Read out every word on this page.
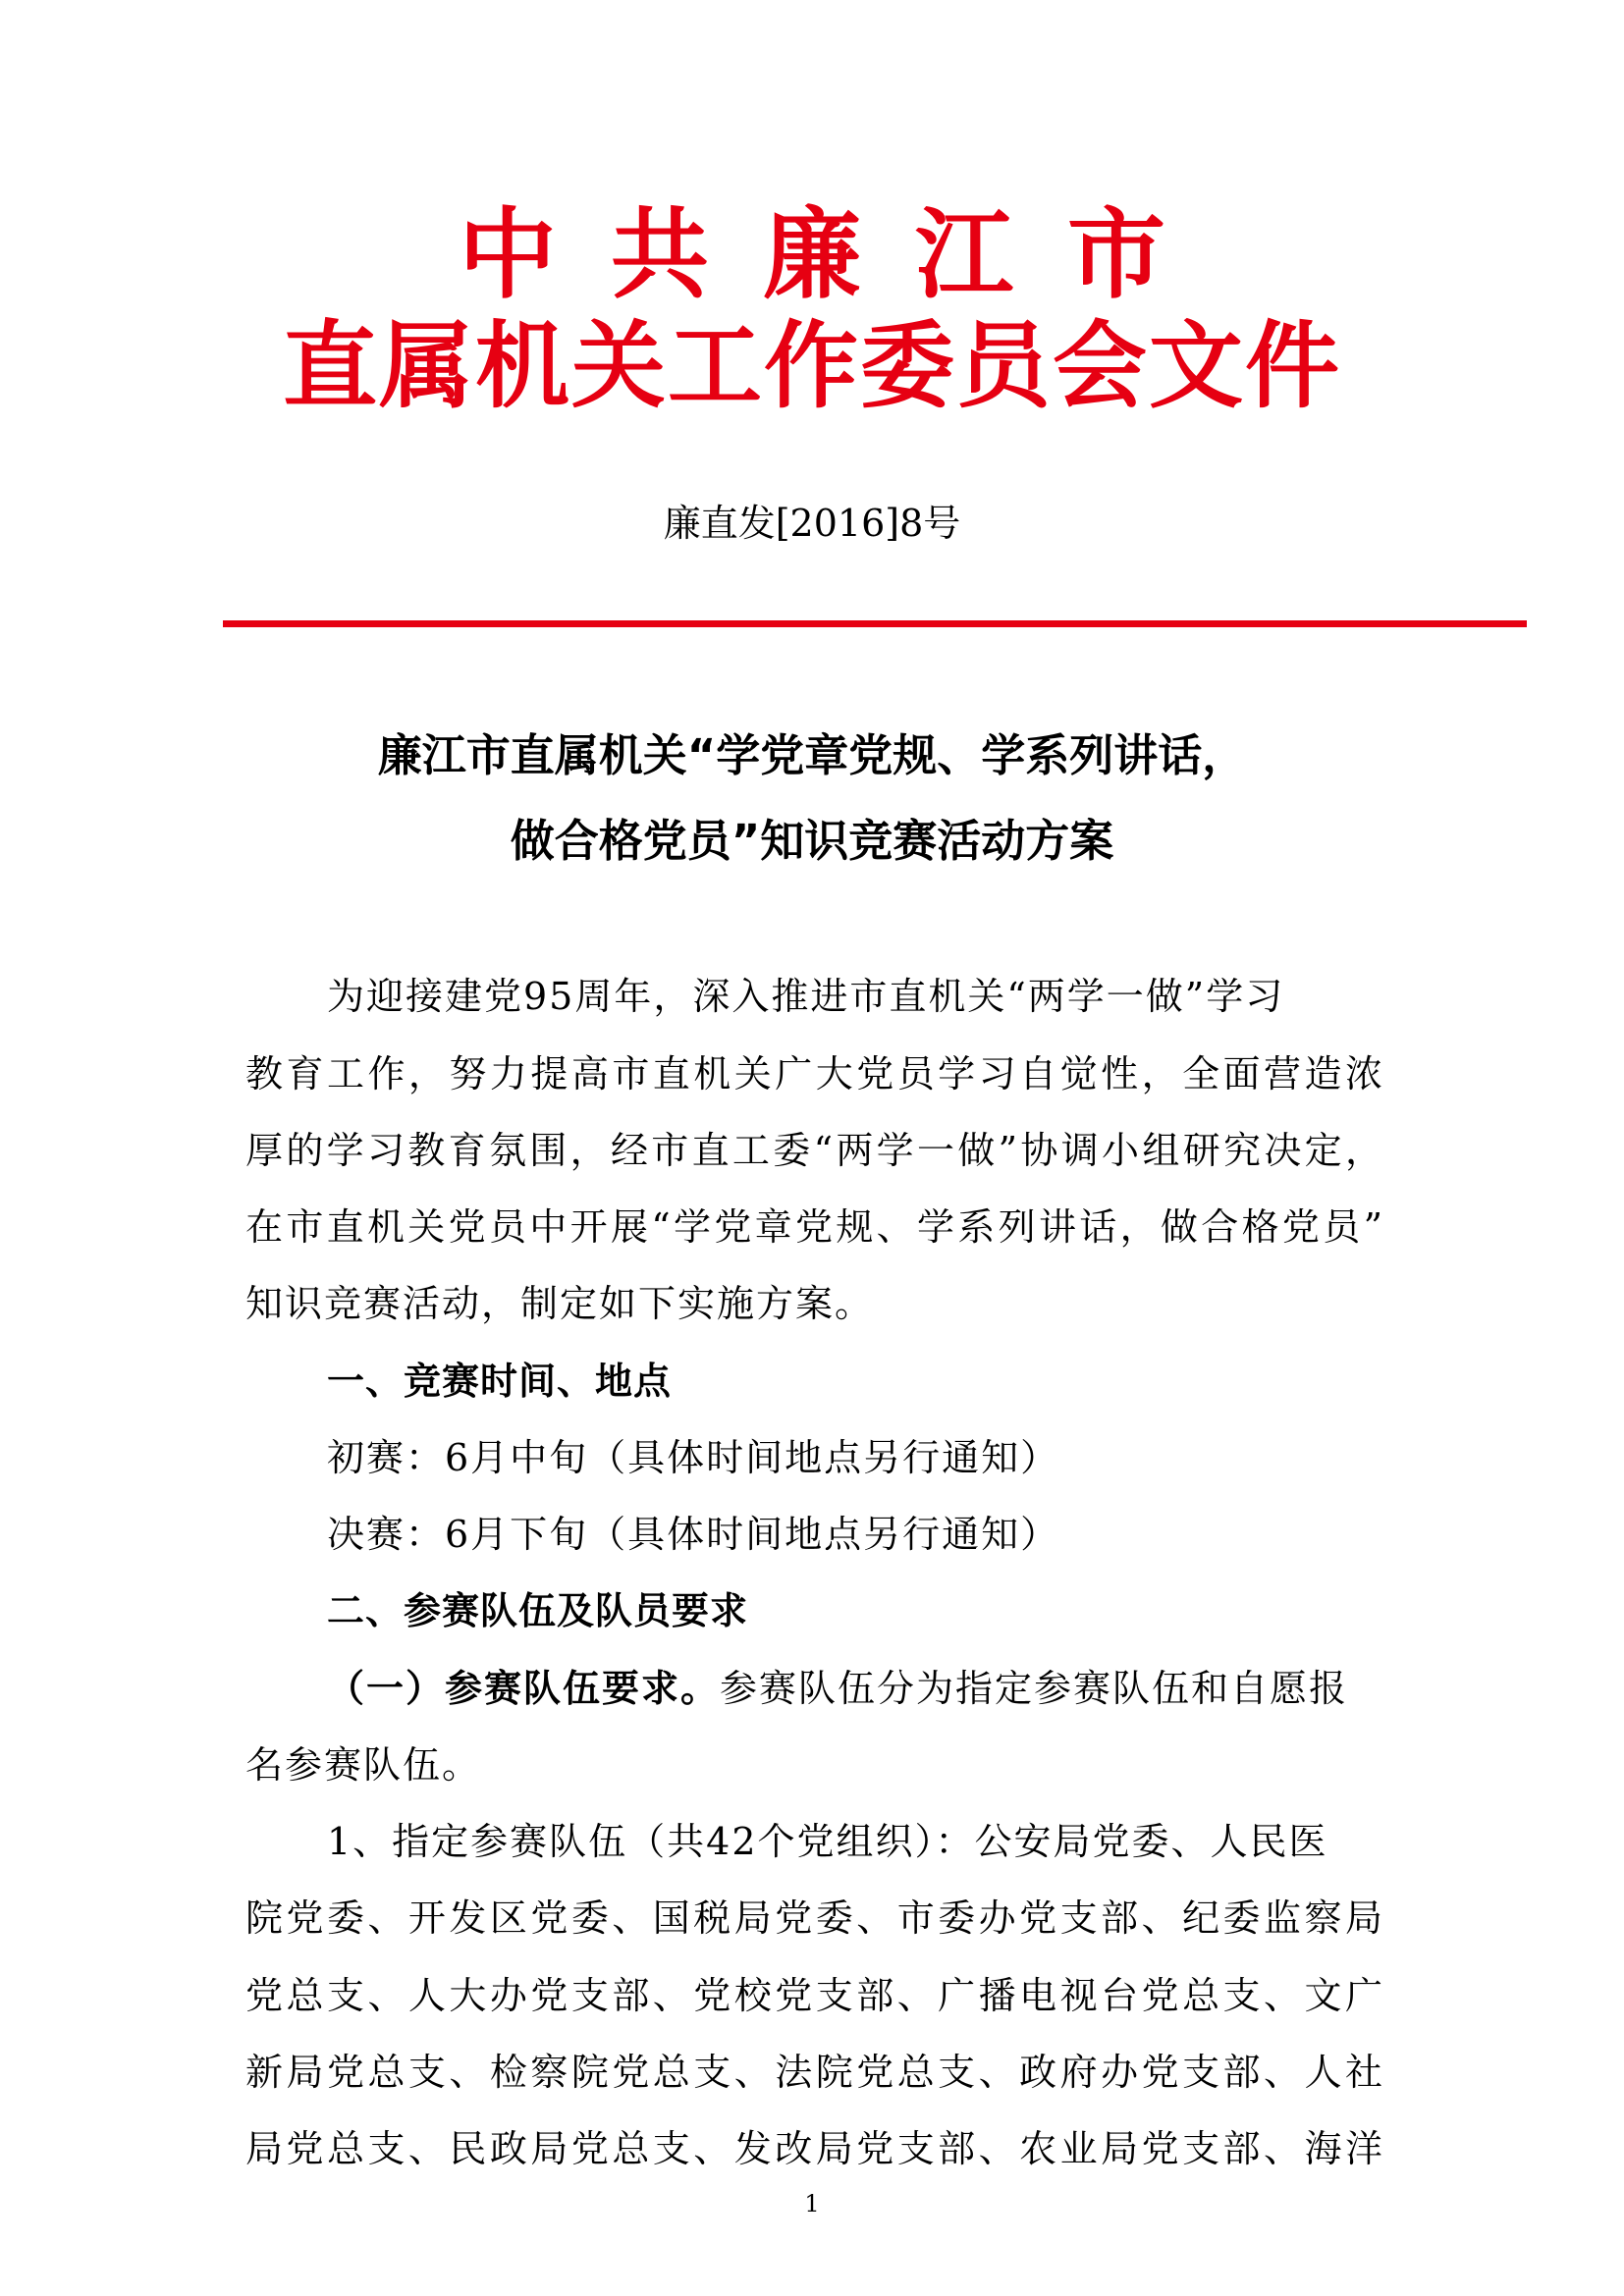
中共廉江市
直属机关工作委员会文件
廉直发[2016]8号
廉江市直属机关“学党章党规、学系列讲话，
做合格党员”知识竞赛活动方案
为迎接建党95周年，深入推进市直机关“两学一做”学习
教育工作，努力提高市直机关广大党员学习自觉性，全面营造浓
厚的学习教育氛围，经市直工委“两学一做”协调小组研究决定，
在市直机关党员中开展“学党章党规、学系列讲话，做合格党员”
知识竞赛活动，制定如下实施方案。
一、竞赛时间、地点
初赛：6月中旬（具体时间地点另行通知）
决赛：6月下旬（具体时间地点另行通知）
二、参赛队伍及队员要求
（一）参赛队伍要求。参赛队伍分为指定参赛队伍和自愿报
名参赛队伍。
1、指定参赛队伍（共42个党组织）：公安局党委、人民医
院党委、开发区党委、国税局党委、市委办党支部、纪委监察局
党总支、人大办党支部、党校党支部、广播电视台党总支、文广
新局党总支、检察院党总支、法院党总支、政府办党支部、人社
局党总支、民政局党总支、发改局党支部、农业局党支部、海洋
1
